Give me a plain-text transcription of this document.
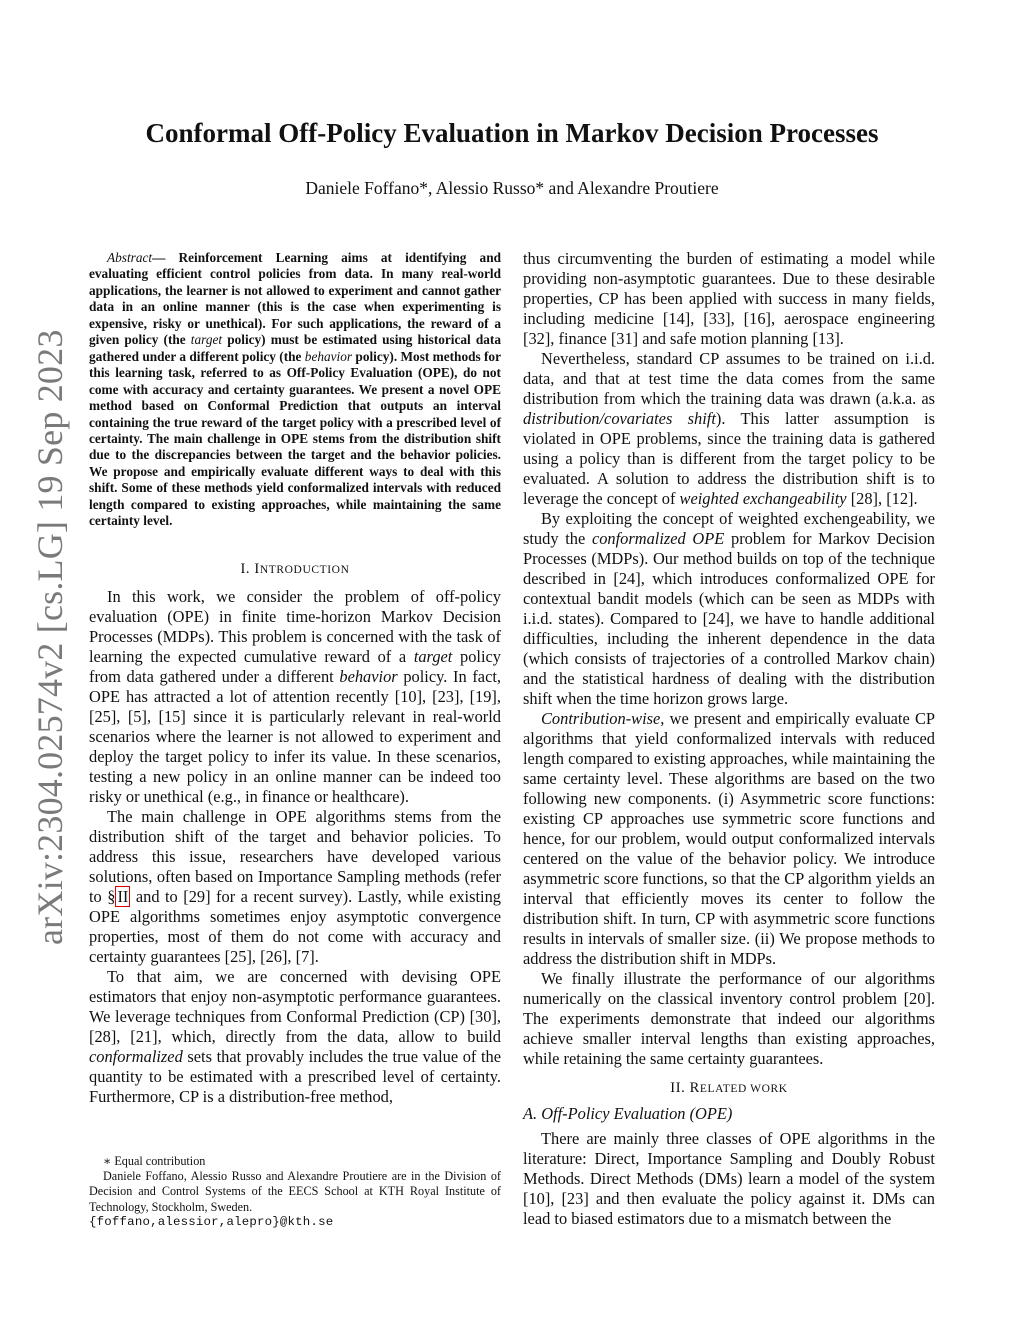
arXiv:2304.02574v2 [cs.LG] 19 Sep 2023
Conformal Off-Policy Evaluation in Markov Decision Processes
Daniele Foffano*, Alessio Russo* and Alexandre Proutiere

Abstract— Reinforcement Learning aims at identifying and evaluating efficient control policies from data. In many real-world applications, the learner is not allowed to experiment and cannot gather data in an online manner (this is the case when experimenting is expensive, risky or unethical). For such applications, the reward of a given policy (the target policy) must be estimated using historical data gathered under a different policy (the behavior policy). Most methods for this learning task, referred to as Off-Policy Evaluation (OPE), do not come with accuracy and certainty guarantees. We present a novel OPE method based on Conformal Prediction that outputs an interval containing the true reward of the target policy with a prescribed level of certainty. The main challenge in OPE stems from the distribution shift due to the discrepancies between the target and the behavior policies. We propose and empirically evaluate different ways to deal with this shift. Some of these methods yield conformalized intervals with reduced length compared to existing approaches, while maintaining the same certainty level.

I. INTRODUCTION

In this work, we consider the problem of off-policy evaluation (OPE) in finite time-horizon Markov Decision Processes (MDPs). This problem is concerned with the task of learning the expected cumulative reward of a target policy from data gathered under a different behavior policy. In fact, OPE has attracted a lot of attention recently [10], [23], [19], [25], [5], [15] since it is particularly relevant in real-world scenarios where the learner is not allowed to experiment and deploy the target policy to infer its value. In these scenarios, testing a new policy in an online manner can be indeed too risky or unethical (e.g., in finance or healthcare).

The main challenge in OPE algorithms stems from the distribution shift of the target and behavior policies. To address this issue, researchers have developed various solutions, often based on Importance Sampling methods (refer to § II and to [29] for a recent survey). Lastly, while existing OPE algorithms sometimes enjoy asymptotic convergence properties, most of them do not come with accuracy and certainty guarantees [25], [26], [7].

To that aim, we are concerned with devising OPE estimators that enjoy non-asymptotic performance guarantees. We leverage techniques from Conformal Prediction (CP) [30], [28], [21], which, directly from the data, allow to build conformalized sets that provably includes the true value of the quantity to be estimated with a prescribed level of certainty. Furthermore, CP is a distribution-free method,

∗ Equal contribution
Daniele Foffano, Alessio Russo and Alexandre Proutiere are in the Division of Decision and Control Systems of the EECS School at KTH Royal Institute of Technology, Stockholm, Sweden.
{foffano,alessior,alepro}@kth.se

thus circumventing the burden of estimating a model while providing non-asymptotic guarantees. Due to these desirable properties, CP has been applied with success in many fields, including medicine [14], [33], [16], aerospace engineering [32], finance [31] and safe motion planning [13].

Nevertheless, standard CP assumes to be trained on i.i.d. data, and that at test time the data comes from the same distribution from which the training data was drawn (a.k.a. as distribution/covariates shift). This latter assumption is violated in OPE problems, since the training data is gathered using a policy than is different from the target policy to be evaluated. A solution to address the distribution shift is to leverage the concept of weighted exchangeability [28], [12].

By exploiting the concept of weighted exchengeability, we study the conformalized OPE problem for Markov Decision Processes (MDPs). Our method builds on top of the technique described in [24], which introduces conformalized OPE for contextual bandit models (which can be seen as MDPs with i.i.d. states). Compared to [24], we have to handle additional difficulties, including the inherent dependence in the data (which consists of trajectories of a controlled Markov chain) and the statistical hardness of dealing with the distribution shift when the time horizon grows large.

Contribution-wise, we present and empirically evaluate CP algorithms that yield conformalized intervals with reduced length compared to existing approaches, while maintaining the same certainty level. These algorithms are based on the two following new components. (i) Asymmetric score functions: existing CP approaches use symmetric score functions and hence, for our problem, would output conformalized intervals centered on the value of the behavior policy. We introduce asymmetric score functions, so that the CP algorithm yields an interval that efficiently moves its center to follow the distribution shift. In turn, CP with asymmetric score functions results in intervals of smaller size. (ii) We propose methods to address the distribution shift in MDPs.

We finally illustrate the performance of our algorithms numerically on the classical inventory control problem [20]. The experiments demonstrate that indeed our algorithms achieve smaller interval lengths than existing approaches, while retaining the same certainty guarantees.

II. RELATED WORK

A. Off-Policy Evaluation (OPE)

There are mainly three classes of OPE algorithms in the literature: Direct, Importance Sampling and Doubly Robust Methods. Direct Methods (DMs) learn a model of the system [10], [23] and then evaluate the policy against it. DMs can lead to biased estimators due to a mismatch between the
